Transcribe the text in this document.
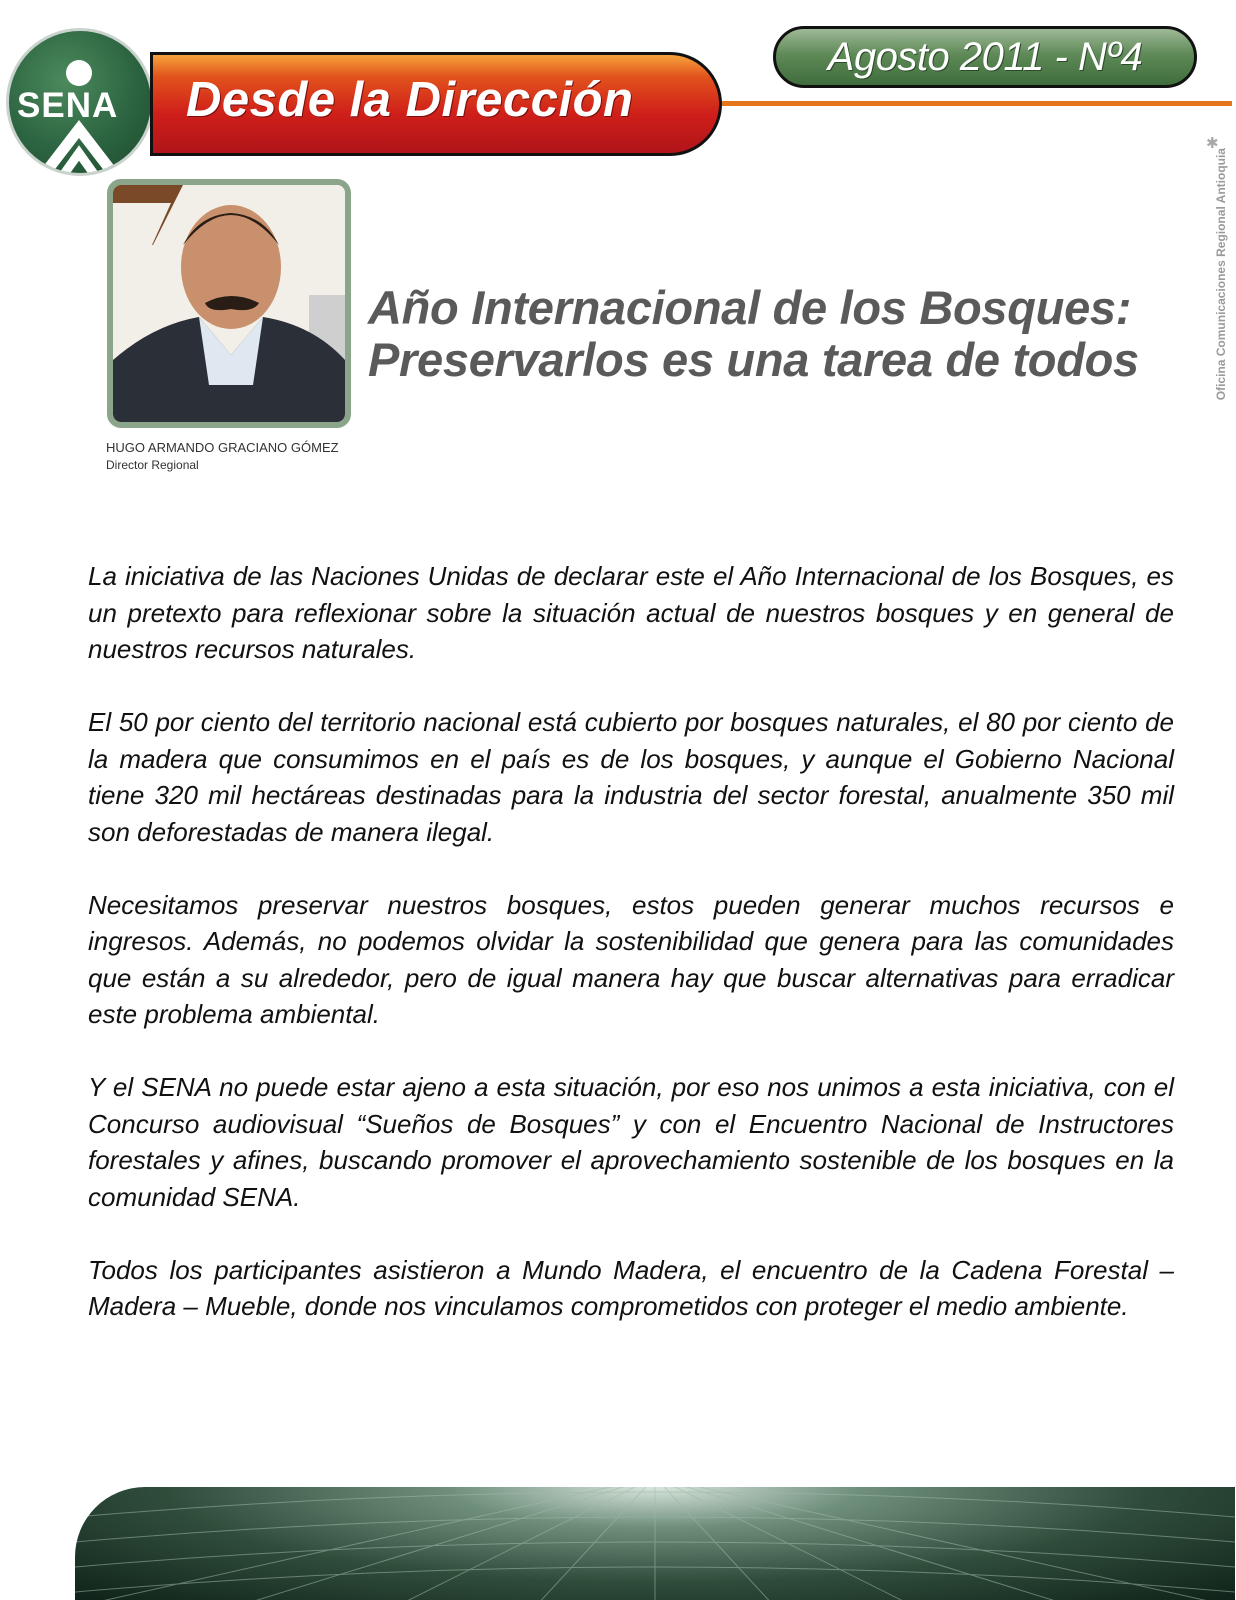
SENA Desde la Dirección
Agosto 2011 - Nº4
✱
Oficina Comunicaciones Regional Antioquia
HUGO ARMANDO GRACIANO GÓMEZ
Director Regional
Año Internacional de los Bosques:
Preservarlos es una tarea de todos

La iniciativa de las Naciones Unidas de declarar este el Año Internacional de los Bosques, es un pretexto para reflexionar sobre la situación actual de nuestros bosques y en general de nuestros recursos naturales.

El 50 por ciento del territorio nacional está cubierto por bosques naturales, el 80 por ciento de la madera que consumimos en el país es de los bosques, y aunque el Gobierno Nacional tiene 320 mil hectáreas destinadas para la industria del sector forestal, anualmente 350 mil son deforestadas de manera ilegal.

Necesitamos preservar nuestros bosques, estos pueden generar muchos recursos e ingresos. Además, no podemos olvidar la sostenibilidad que genera para las comunidades que están a su alrededor, pero de igual manera hay que buscar alternativas para erradicar este problema ambiental.

Y el SENA no puede estar ajeno a esta situación, por eso nos unimos a esta iniciativa, con el Concurso audiovisual “Sueños de Bosques” y con el Encuentro Nacional de Instructores forestales y afines, buscando promover el aprovechamiento sostenible de los bosques en la comunidad SENA.

Todos los participantes asistieron a Mundo Madera, el encuentro de la Cadena Forestal – Madera – Mueble, donde nos vinculamos comprometidos con proteger el medio ambiente.
